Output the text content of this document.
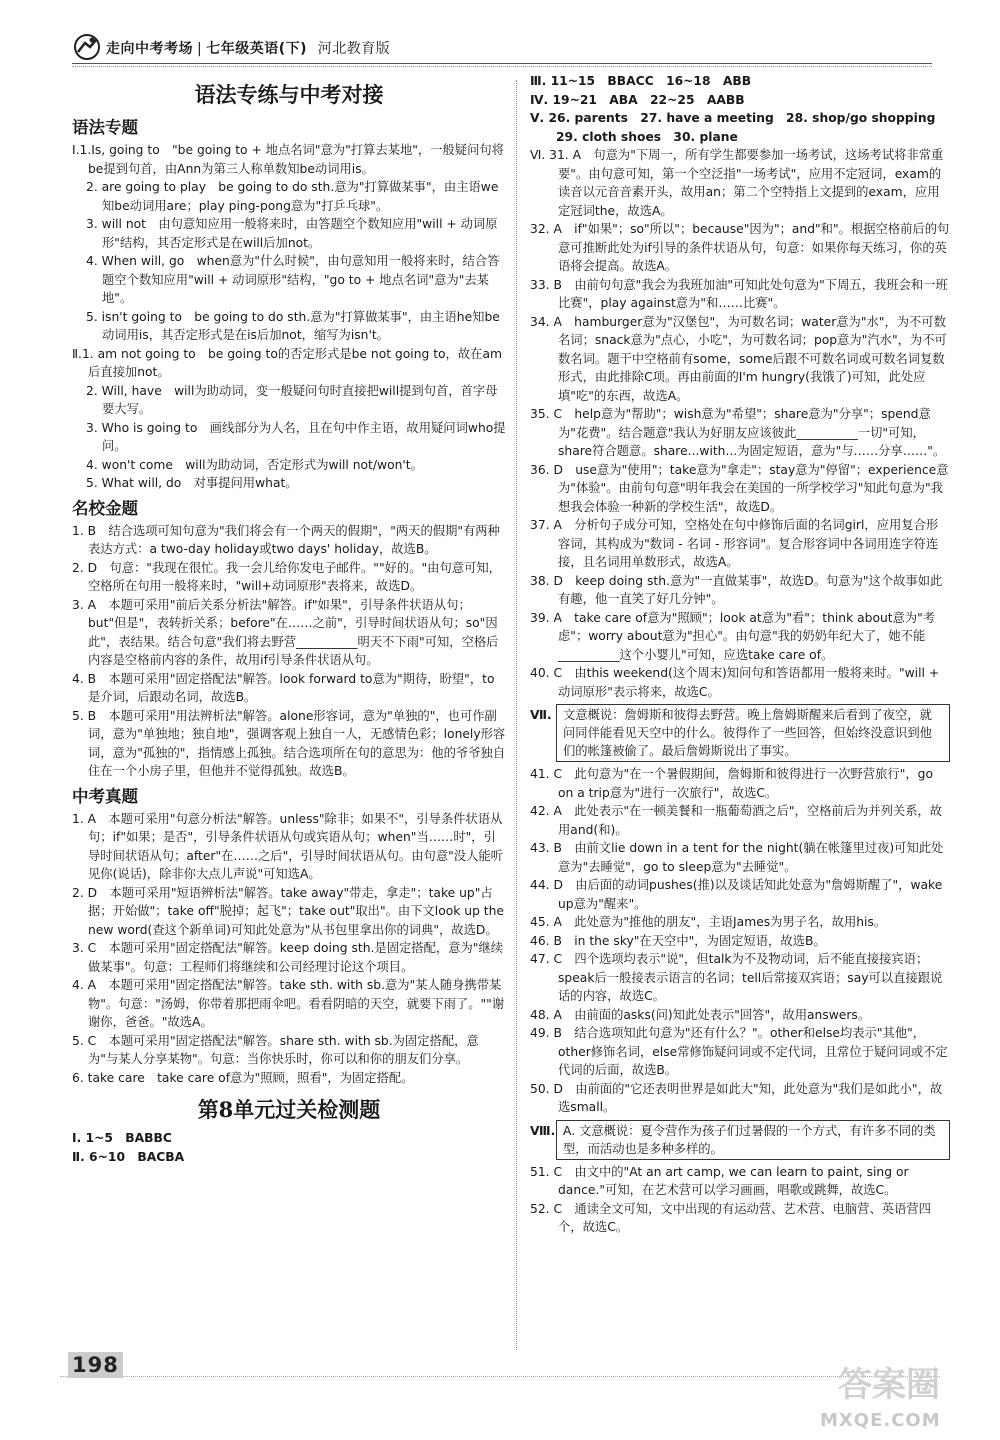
走向中考考场 | 七年级英语(下) 河北教育版
语法专练与中考对接
语法专题
Ⅰ.1.Is, going to　"be going to + 地点名词"意为"打算去某地"，一般疑问句将be提到句首，由Ann为第三人称单数知be动词用is。
2. are going to play　be going to do sth.意为"打算做某事"，由主语we知be动词用are；play ping-pong意为"打乒乓球"。
3. will not　由句意知应用一般将来时，由答题空个数知应用"will + 动词原形"结构，其否定形式是在will后加not。
4. When will, go　when意为"什么时候"，由句意知用一般将来时，结合答题空个数知应用"will + 动词原形"结构，"go to + 地点名词"意为"去某地"。
5. isn't going to　be going to do sth.意为"打算做某事"，由主语he知be动词用is，其否定形式是在is后加not，缩写为isn't。
Ⅱ.1. am not going to　be going to的否定形式是be not going to，故在am后直接加not。
2. Will, have　will为助动词，变一般疑问句时直接把will提到句首，首字母要大写。
3. Who is going to　画线部分为人名，且在句中作主语，故用疑问词who提问。
4. won't come　will为助动词，否定形式为will not/won't。
5. What will, do　对事提问用what。
名校金题
1. B　结合选项可知句意为"我们将会有一个两天的假期"，"两天的假期"有两种表达方式：a two-day holiday或two days' holiday，故选B。
2. D　句意："我现在很忙。我一会儿给你发电子邮件。""好的。"由句意可知，空格所在句用一般将来时，"will+动词原形"表将来，故选D。
3. A　本题可采用"前后关系分析法"解答。if"如果"，引导条件状语从句；but"但是"，表转折关系；before"在……之前"，引导时间状语从句；so"因此"，表结果。结合句意"我们将去野营__________明天不下雨"可知，空格后内容是空格前内容的条件，故用if引导条件状语从句。
4. B　本题可采用"固定搭配法"解答。look forward to意为"期待，盼望"，to是介词，后跟动名词，故选B。
5. B　本题可采用"用法辨析法"解答。alone形容词，意为"单独的"，也可作副词，意为"单独地；独自地"，强调客观上独自一人，无感情色彩；lonely形容词，意为"孤独的"，指情感上孤独。结合选项所在句的意思为：他的爷爷独自住在一个小房子里，但他并不觉得孤独。故选B。
中考真题
1. A　本题可采用"句意分析法"解答。unless"除非；如果不"，引导条件状语从句；if"如果；是否"，引导条件状语从句或宾语从句；when"当……时"，引导时间状语从句；after"在……之后"，引导时间状语从句。由句意"没人能听见你(说话)，除非你大点儿声说"可知选A。
2. D　本题可采用"短语辨析法"解答。take away"带走，拿走"；take up"占据；开始做"；take off"脱掉；起飞"；take out"取出"。由下文look up the new word(查这个新单词)可知此处意为"从书包里拿出你的词典"，故选D。
3. C　本题可采用"固定搭配法"解答。keep doing sth.是固定搭配，意为"继续做某事"。句意：工程师们将继续和公司经理讨论这个项目。
4. A　本题可采用"固定搭配法"解答。take sth. with sb.意为"某人随身携带某物"。句意："汤姆，你带着那把雨伞吧。看看阴暗的天空，就要下雨了。""谢谢你，爸爸。"故选A。
5. C　本题可采用"固定搭配法"解答。share sth. with sb.为固定搭配，意为"与某人分享某物"。句意：当你快乐时，你可以和你的朋友们分享。
6. take care　take care of意为"照顾，照看"，为固定搭配。
第8单元过关检测题
Ⅰ. 1~5　BABBC
Ⅱ. 6~10　BACBA
Ⅲ. 11~15　BBACC　16~18　ABB
Ⅳ. 19~21　ABA　22~25　AABB
Ⅴ. 26. parents　27. have a meeting　28. shop/go shopping
29. cloth shoes　30. plane
Ⅵ. 31. A　句意为"下周一，所有学生都要参加一场考试，这场考试将非常重要"。由句意可知，第一个空泛指"一场考试"，应用不定冠词，exam的读音以元音音素开头，故用an；第二个空特指上文提到的exam，应用定冠词the，故选A。
32. A　if"如果"；so"所以"；because"因为"；and"和"。根据空格前后的句意可推断此处为if引导的条件状语从句，句意：如果你每天练习，你的英语将会提高。故选A。
33. B　由前句句意"我会为我班加油"可知此处句意为"下周五，我班会和一班比赛"，play against意为"和……比赛"。
34. A　hamburger意为"汉堡包"，为可数名词；water意为"水"，为不可数名词；snack意为"点心，小吃"，为可数名词；pop意为"汽水"，为不可数名词。题干中空格前有some，some后跟不可数名词或可数名词复数形式，由此排除C项。再由前面的I'm hungry(我饿了)可知，此处应填"吃"的东西，故选A。
35. C　help意为"帮助"；wish意为"希望"；share意为"分享"；spend意为"花费"。结合题意"我认为好朋友应该彼此__________一切"可知，share符合题意。share...with...为固定短语，意为"与……分享……"。
36. D　use意为"使用"；take意为"拿走"；stay意为"停留"；experience意为"体验"。由前句句意"明年我会在美国的一所学校学习"知此句意为"我想我会体验一种新的学校生活"，故选D。
37. A　分析句子成分可知，空格处在句中修饰后面的名词girl，应用复合形容词，其构成为"数词 - 名词 - 形容词"。复合形容词中各词用连字符连接，且名词用单数形式，故选A。
38. D　keep doing sth.意为"一直做某事"，故选D。句意为"这个故事如此有趣，他一直笑了好几分钟"。
39. A　take care of意为"照顾"；look at意为"看"；think about意为"考虑"；worry about意为"担心"。由句意"我的奶奶年纪大了，她不能__________这个小婴儿"可知，应选take care of。
40. C　由this weekend(这个周末)知问句和答语都用一般将来时。"will + 动词原形"表示将来，故选C。
Ⅶ. 文意概说：詹姆斯和彼得去野营。晚上詹姆斯醒来后看到了夜空，就问同伴能看见天空中的什么。彼得作了一些回答，但始终没意识到他们的帐篷被偷了。最后詹姆斯说出了事实。
41. C　此句意为"在一个暑假期间，詹姆斯和彼得进行一次野营旅行"，go on a trip意为"进行一次旅行"，故选C。
42. A　此处表示"在一顿美餐和一瓶葡萄酒之后"，空格前后为并列关系，故用and(和)。
43. B　由前文lie down in a tent for the night(躺在帐篷里过夜)可知此处意为"去睡觉"，go to sleep意为"去睡觉"。
44. D　由后面的动词pushes(推)以及谈话知此处意为"詹姆斯醒了"，wake up意为"醒来"。
45. A　此处意为"推他的朋友"，主语James为男子名，故用his。
46. B　in the sky"在天空中"，为固定短语，故选B。
47. C　四个选项均表示"说"，但talk为不及物动词，后不能直接接宾语；speak后一般接表示语言的名词；tell后常接双宾语；say可以直接跟说话的内容，故选C。
48. A　由前面的asks(问)知此处表示"回答"，故用answers。
49. B　结合选项知此句意为"还有什么？"。other和else均表示"其他"，other修饰名词，else常修饰疑问词或不定代词，且常位于疑问词或不定代词的后面，故选B。
50. D　由前面的"它还表明世界是如此大"知，此处意为"我们是如此小"，故选small。
Ⅷ. A. 文意概说：夏令营作为孩子们过暑假的一个方式，有许多不同的类型，而活动也是多种多样的。
51. C　由文中的"At an art camp, we can learn to paint, sing or dance."可知，在艺术营可以学习画画，唱歌或跳舞，故选C。
52. C　通读全文可知，文中出现的有运动营、艺术营、电脑营、英语营四个，故选C。
198	答案圈
MXQE.COM
